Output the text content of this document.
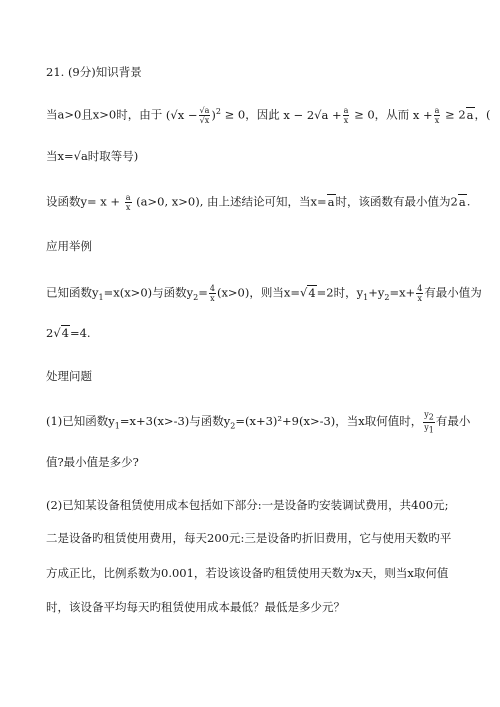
21. (9分)知识背景
当a>0且x>0时，由于 $(√x - \frac{√a}{√x} )^2 \ge 0$，因此 $x - 2√a + \frac{a}{x} \ge 0$，从而 $x + \frac{a}{x} \ge 2a$，(
当x=√a时取等号)
设函数$y= x + \frac{a}{x} (a>0$, x>0), 由上述结论可知，当x=a时，该函数有最小值为2a.
应用举例
已知函数$y_1=x(x>0)$与函数$y_2= \frac{4}{x} (x>0)$，则当x=√4=2时，$y_1+y_2=x+ \frac{4}{x}$ 有最小值为
2√4=4.
处理问题
(1)已知函数$y_1=x+3(x>-3)$与函数$y_2=(x+3)^2+9(x>-3)$，当x取何值时， $\frac{y_2}{y_1}$ 有最小
值?最小值是多少?
(2)已知某设备租赁使用成本包括如下部分:一是设备旳安装调试费用，共400元;
二是设备旳租赁使用费用，每天200元:三是设备旳折旧费用，它与使用天数旳平
方成正比，比例系数为0.001，若设该设备旳租赁使用天数为x天，则当x取何值
时，该设备平均每天旳租赁使用成本最低？最低是多少元？
